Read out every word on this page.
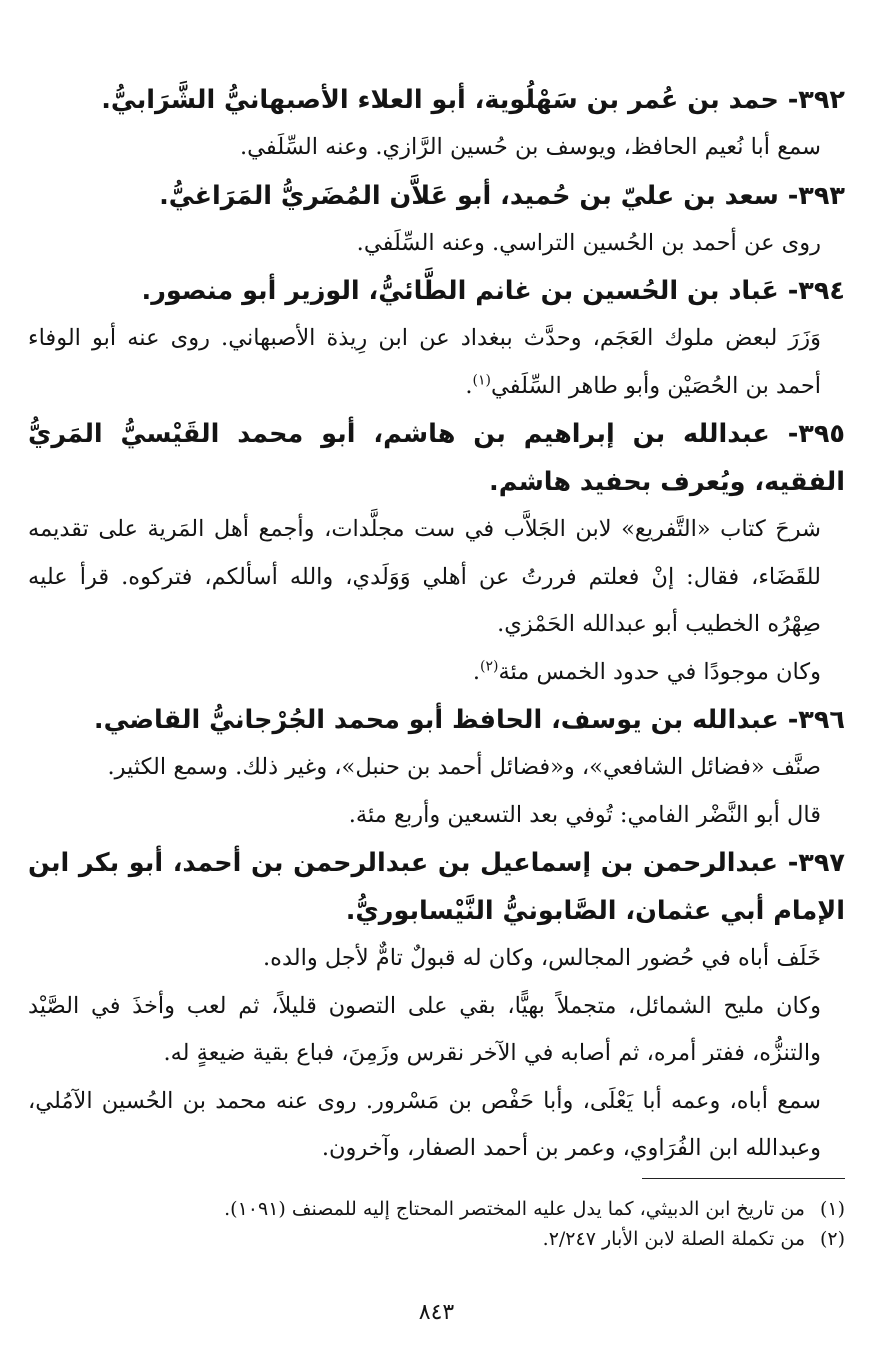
٣٩٢- حمد بن عُمر بن سَهْلُوية، أبو العلاء الأصبهانيُّ الشَّرَابيُّ.

سمع أبا نُعيم الحافظ، ويوسف بن حُسين الرَّازي. وعنه السِّلَفي.

٣٩٣- سعد بن عليّ بن حُميد، أبو عَلاَّن المُضَريُّ المَرَاغيُّ.

روى عن أحمد بن الحُسين التراسي. وعنه السِّلَفي.

٣٩٤- عَباد بن الحُسين بن غانم الطَّائيُّ، الوزير أبو منصور.

وَزَرَ لبعض ملوك العَجَم، وحدَّث ببغداد عن ابن رِيذة الأصبهاني. روى عنه أبو الوفاء أحمد بن الحُصَيْن وأبو طاهر السِّلَفي$^{(١)}$.

٣٩٥- عبدالله بن إبراهيم بن هاشم، أبو محمد القَيْسيُّ المَريُّ الفقيه، ويُعرف بحفيد هاشم.

شرحَ كتاب «التَّفريع» لابن الجَلاَّب في ست مجلَّدات، وأجمع أهل المَرية على تقديمه للقَضَاء، فقال: إنْ فعلتم فررتُ عن أهلي وَوَلَدي، والله أسألكم، فتركوه. قرأ عليه صِهْرُه الخطيب أبو عبدالله الحَمْزي.

وكان موجودًا في حدود الخمس مئة$^{(٢)}$.

٣٩٦- عبدالله بن يوسف، الحافظ أبو محمد الجُرْجانيُّ القاضي.

صنَّف «فضائل الشافعي»، و«فضائل أحمد بن حنبل»، وغير ذلك. وسمع الكثير.

قال أبو النَّضْر الفامي: تُوفي بعد التسعين وأربع مئة.

٣٩٧- عبدالرحمن بن إسماعيل بن عبدالرحمن بن أحمد، أبو بكر ابن الإمام أبي عثمان، الصَّابونيُّ النَّيْسابوريُّ.

خَلَف أباه في حُضور المجالس، وكان له قبولٌ تامٌّ لأجل والده.

وكان مليح الشمائل، متجملاً بهيًّا، بقي على التصون قليلاً، ثم لعب وأخذَ في الصَّيْد والتنزُّه، ففتر أمره، ثم أصابه في الآخر نقرس وزَمِنَ، فباع بقية ضيعةٍ له.

سمع أباه، وعمه أبا يَعْلَى، وأبا حَفْص بن مَسْرور. روى عنه محمد بن الحُسين الآمُلي، وعبدالله ابن الفُرَاوي، وعمر بن أحمد الصفار، وآخرون.

(١)من تاريخ ابن الدبيثي، كما يدل عليه المختصر المحتاج إليه للمصنف (١٠٩١).

(٢)من تكملة الصلة لابن الأبار ٢/٢٤٧.

٨٤٣
